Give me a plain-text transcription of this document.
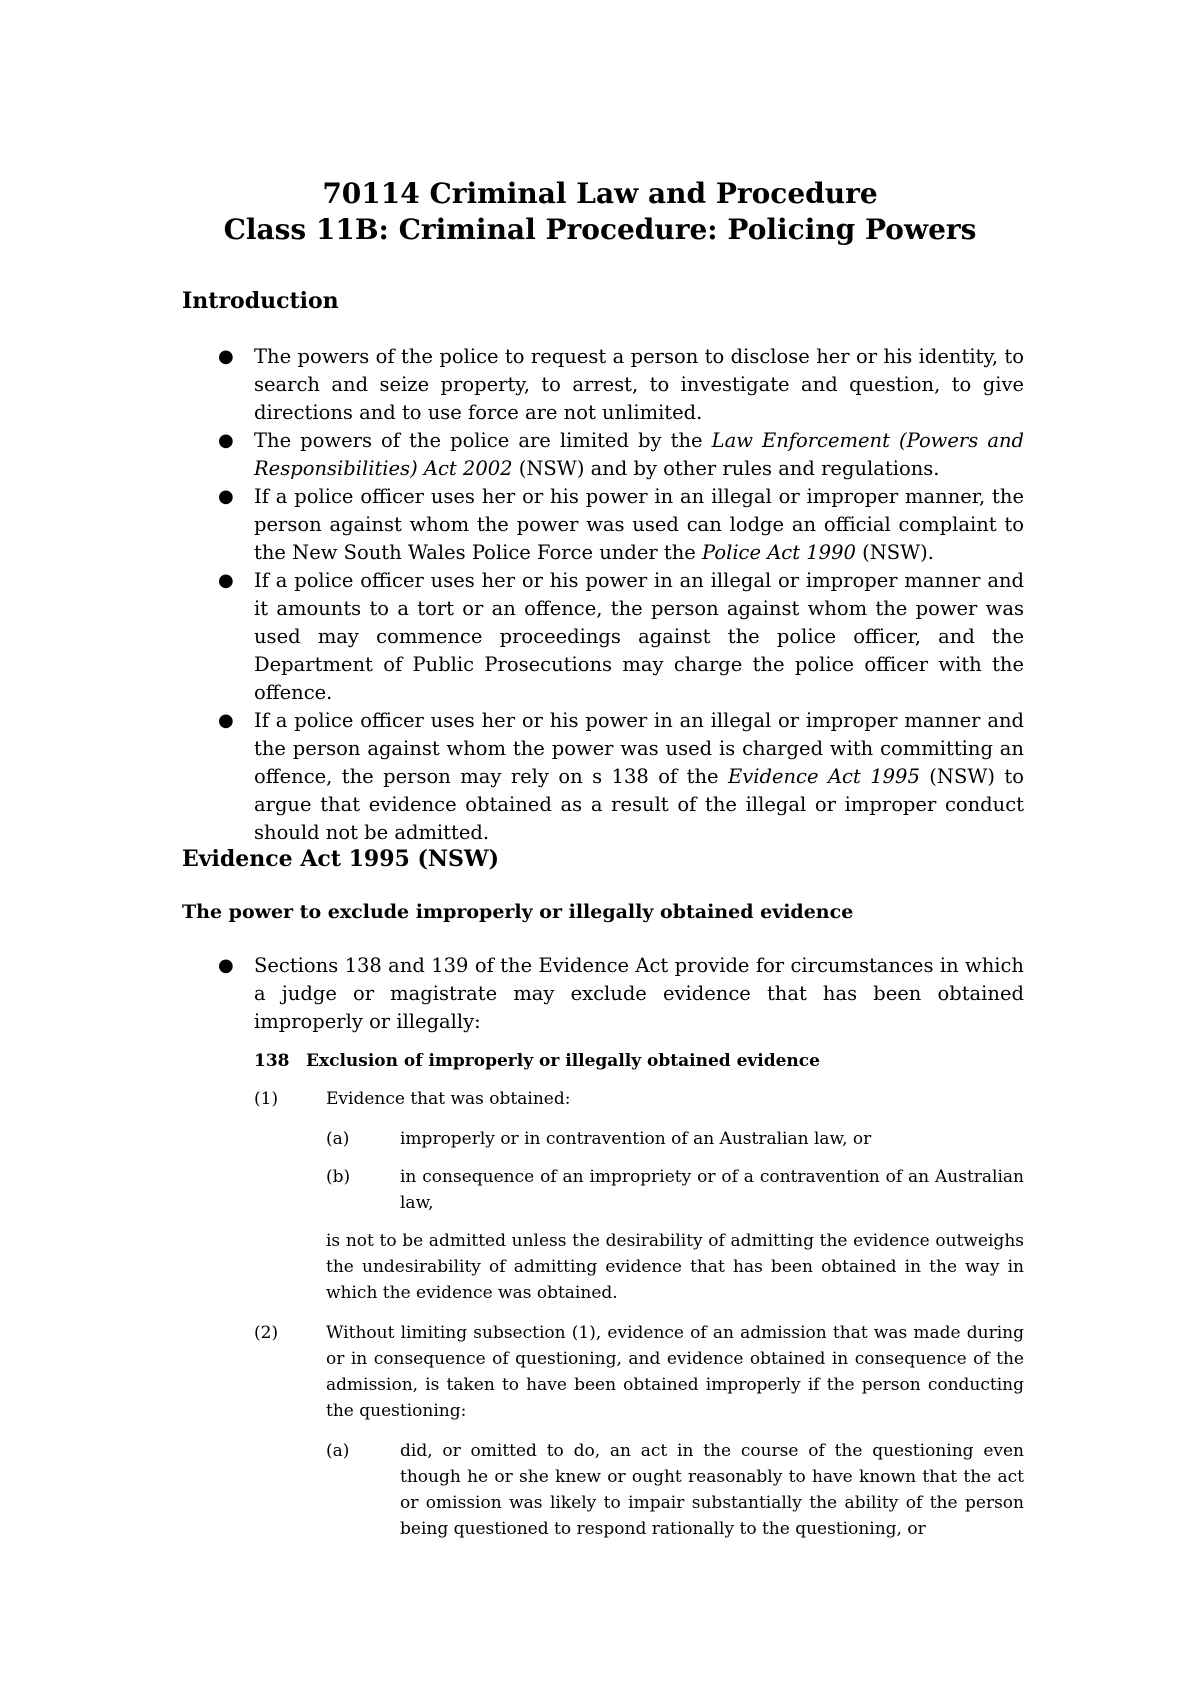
70114 Criminal Law and Procedure

Class 11B: Criminal Procedure: Policing Powers

Introduction
● The powers of the police to request a person to disclose her or his identity, to search and seize property, to arrest, to investigate and question, to give directions and to use force are not unlimited.
● The powers of the police are limited by the Law Enforcement (Powers and Responsibilities) Act 2002 (NSW) and by other rules and regulations.
● If a police officer uses her or his power in an illegal or improper manner, the person against whom the power was used can lodge an official complaint to the New South Wales Police Force under the Police Act 1990 (NSW).
● If a police officer uses her or his power in an illegal or improper manner and it amounts to a tort or an offence, the person against whom the power was used may commence proceedings against the police officer, and the Department of Public Prosecutions may charge the police officer with the offence.
● If a police officer uses her or his power in an illegal or improper manner and the person against whom the power was used is charged with committing an offence, the person may rely on s 138 of the Evidence Act 1995 (NSW) to argue that evidence obtained as a result of the illegal or improper conduct should not be admitted.
Evidence Act 1995 (NSW)
The power to exclude improperly or illegally obtained evidence
● Sections 138 and 139 of the Evidence Act provide for circumstances in which a judge or magistrate may exclude evidence that has been obtained improperly or illegally:
138 Exclusion of improperly or illegally obtained evidence
(1)	Evidence that was obtained:
(a)	improperly or in contravention of an Australian law, or
(b)	in consequence of an impropriety or of a contravention of an Australian law,
is not to be admitted unless the desirability of admitting the evidence outweighs the undesirability of admitting evidence that has been obtained in the way in which the evidence was obtained.
(2)	Without limiting subsection (1), evidence of an admission that was made during or in consequence of questioning, and evidence obtained in consequence of the admission, is taken to have been obtained improperly if the person conducting the questioning:
(a)	did, or omitted to do, an act in the course of the questioning even though he or she knew or ought reasonably to have known that the act or omission was likely to impair substantially the ability of the person being questioned to respond rationally to the questioning, or
